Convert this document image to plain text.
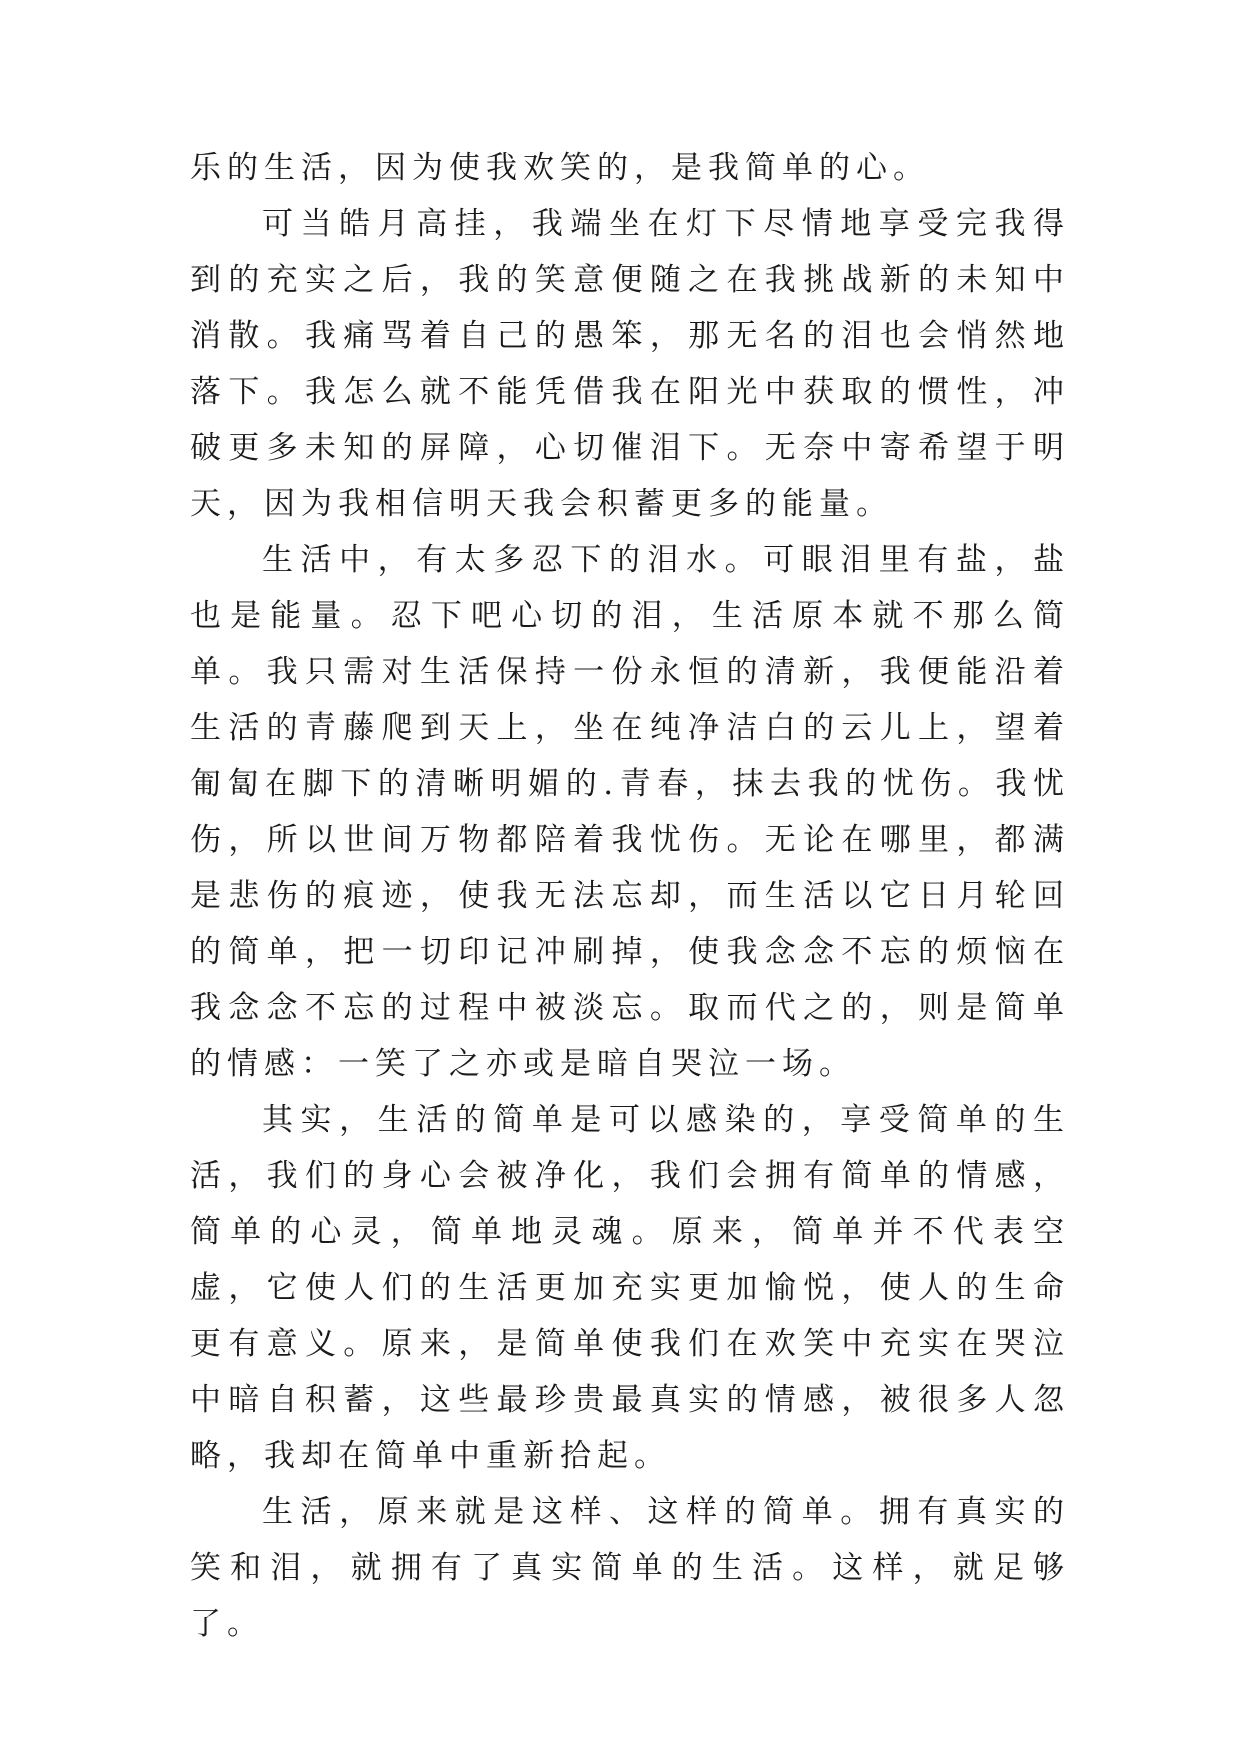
乐的生活，因为使我欢笑的，是我简单的心。

可当皓月高挂，我端坐在灯下尽情地享受完我得到的充实之后，我的笑意便随之在我挑战新的未知中消散。我痛骂着自己的愚笨，那无名的泪也会悄然地落下。我怎么就不能凭借我在阳光中获取的惯性，冲破更多未知的屏障，心切催泪下。无奈中寄希望于明天，因为我相信明天我会积蓄更多的能量。

生活中，有太多忍下的泪水。可眼泪里有盐，盐也是能量。忍下吧心切的泪，生活原本就不那么简单。我只需对生活保持一份永恒的清新，我便能沿着生活的青藤爬到天上，坐在纯净洁白的云儿上，望着匍匐在脚下的清晰明媚的.青春，抹去我的忧伤。我忧伤，所以世间万物都陪着我忧伤。无论在哪里，都满是悲伤的痕迹，使我无法忘却，而生活以它日月轮回的简单，把一切印记冲刷掉，使我念念不忘的烦恼在我念念不忘的过程中被淡忘。取而代之的，则是简单的情感：一笑了之亦或是暗自哭泣一场。

其实，生活的简单是可以感染的，享受简单的生活，我们的身心会被净化，我们会拥有简单的情感，简单的心灵，简单地灵魂。原来，简单并不代表空虚，它使人们的生活更加充实更加愉悦，使人的生命更有意义。原来，是简单使我们在欢笑中充实在哭泣中暗自积蓄，这些最珍贵最真实的情感，被很多人忽略，我却在简单中重新拾起。

生活，原来就是这样、这样的简单。拥有真实的笑和泪，就拥有了真实简单的生活。这样，就足够了。
